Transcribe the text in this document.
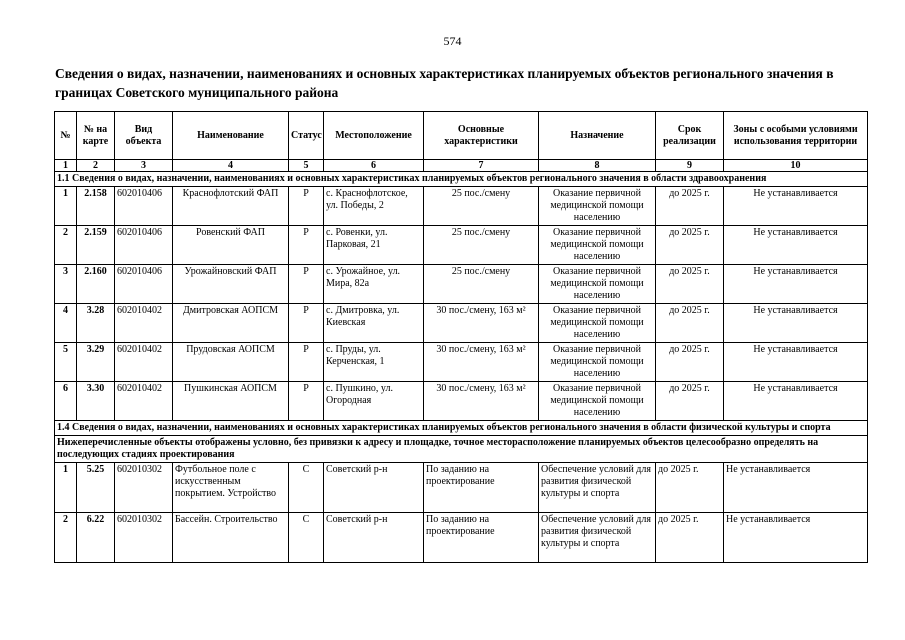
574
Сведения о видах, назначении, наименованиях и основных характеристиках планируемых объектов регионального значения в границах Советского муниципального района
№	№ на карте	Вид объекта	Наименование	Статус	Местоположение	Основные характеристики	Назначение	Срок реализации	Зоны с особыми условиями использования территории
1	2	3	4	5	6	7	8	9	10
1.1 Сведения о видах, назначении, наименованиях и основных характеристиках планируемых объектов регионального значения в области здравоохранения									
1	2.158	602010406	Краснофлотский ФАП	Р	с. Краснофлотское, ул. Победы, 2	25 пос./смену	Оказание первичной медицинской помощи населению	до 2025 г.	Не устанавливается
2	2.159	602010406	Ровенский ФАП	Р	с. Ровенки, ул. Парковая, 21	25 пос./смену	Оказание первичной медицинской помощи населению	до 2025 г.	Не устанавливается
3	2.160	602010406	Урожайновский ФАП	Р	с. Урожайное, ул. Мира, 82а	25 пос./смену	Оказание первичной медицинской помощи населению	до 2025 г.	Не устанавливается
4	3.28	602010402	Дмитровская АОПСМ	Р	с. Дмитровка, ул. Киевская	30 пос./смену, 163 м²	Оказание первичной медицинской помощи населению	до 2025 г.	Не устанавливается
5	3.29	602010402	Прудовская АОПСМ	Р	с. Пруды, ул. Керченская, 1	30 пос./смену, 163 м²	Оказание первичной медицинской помощи населению	до 2025 г.	Не устанавливается
6	3.30	602010402	Пушкинская АОПСМ	Р	с. Пушкино, ул. Огородная	30 пос./смену, 163 м²	Оказание первичной медицинской помощи населению	до 2025 г.	Не устанавливается
1.4 Сведения о видах, назначении, наименованиях и основных характеристиках планируемых объектов регионального значения в области физической культуры и спорта									
Нижеперечисленные объекты отображены условно, без привязки к адресу и площадке, точное месторасположение планируемых объектов целесообразно определять на последующих стадиях проектирования									
1	5.25	602010302	Футбольное поле с искусственным покрытием. Устройство	С	Советский р-н	По заданию на проектирование	Обеспечение условий для развития физической культуры и спорта	до 2025 г.	Не устанавливается
2	6.22	602010302	Бассейн. Строительство	С	Советский р-н	По заданию на проектирование	Обеспечение условий для развития физической культуры и спорта	до 2025 г.	Не устанавливается
